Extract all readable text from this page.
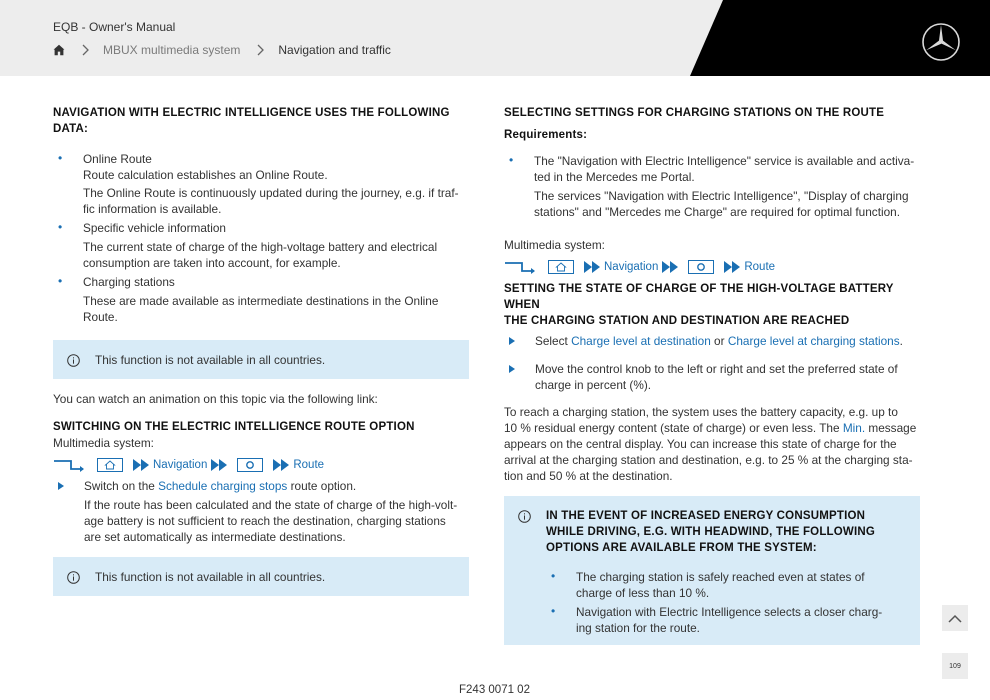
EQB - Owner's Manual
MBUX multimedia system	Navigation and traffic
NAVIGATION WITH ELECTRIC INTELLIGENCE USES THE FOLLOWING DATA:
• Online Route
Route calculation establishes an Online Route.
The Online Route is continuously updated during the journey, e.g. if traf-
fic information is available.
• Specific vehicle information
The current state of charge of the high-voltage battery and electrical
consumption are taken into account, for example.
• Charging stations
These are made available as intermediate destinations in the Online
Route.
This function is not available in all countries.
You can watch an animation on this topic via the following link:
SWITCHING ON THE ELECTRIC INTELLIGENCE ROUTE OPTION
Multimedia system:
Navigation	Route
Switch on the Schedule charging stops route option.
If the route has been calculated and the state of charge of the high-volt-
age battery is not sufficient to reach the destination, charging stations
are set automatically as intermediate destinations.
This function is not available in all countries.
SELECTING SETTINGS FOR CHARGING STATIONS ON THE ROUTE
Requirements:
• The "Navigation with Electric Intelligence" service is available and activa-
ted in the Mercedes me Portal.
The services "Navigation with Electric Intelligence", "Display of charging
stations" and "Mercedes me Charge" are required for optimal function.
Multimedia system:
Navigation	Route
SETTING THE STATE OF CHARGE OF THE HIGH-VOLTAGE BATTERY WHEN
THE CHARGING STATION AND DESTINATION ARE REACHED
Select Charge level at destination or Charge level at charging stations.
Move the control knob to the left or right and set the preferred state of
charge in percent (%).
To reach a charging station, the system uses the battery capacity, e.g. up to
10 % residual energy content (state of charge) or even less. The Min. message
appears on the central display. You can increase this state of charge for the
arrival at the charging station and destination, e.g. to 25 % at the charging sta-
tion and 50 % at the destination.
IN THE EVENT OF INCREASED ENERGY CONSUMPTION
WHILE DRIVING, E.G. WITH HEADWIND, THE FOLLOWING
OPTIONS ARE AVAILABLE FROM THE SYSTEM:
• The charging station is safely reached even at states of
charge of less than 10 %.
• Navigation with Electric Intelligence selects a closer charg-
ing station for the route.
109
F243 0071 02
